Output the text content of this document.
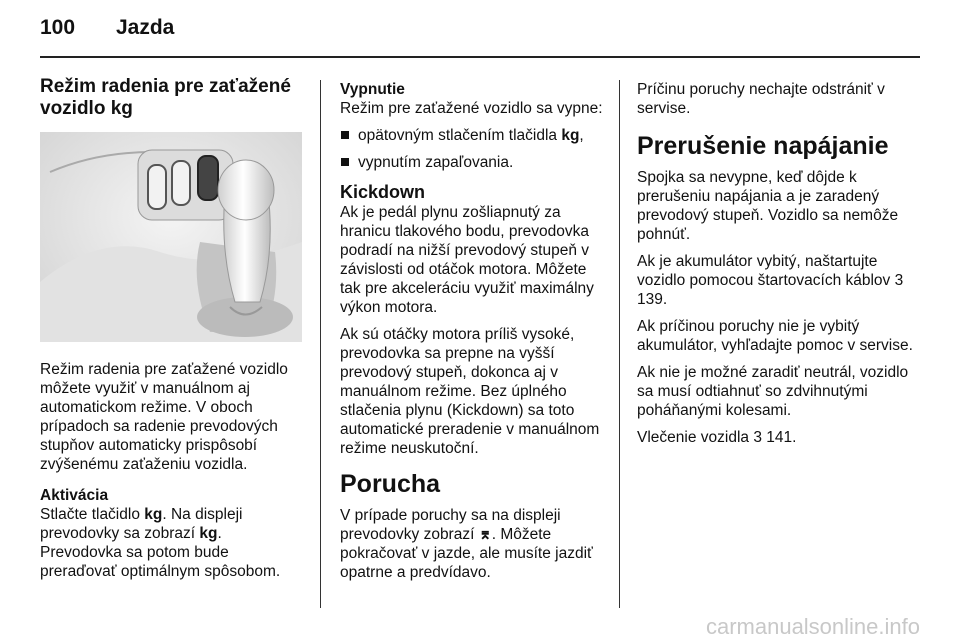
100 Jazda
Režim radenia pre zaťažené vozidlo kg

Režim radenia pre zaťažené vozidlo môžete využiť v manuálnom aj automatickom režime. V oboch prípadoch sa radenie prevodových stupňov automaticky prispôsobí zvýšenému zaťaženiu vozidla.

Aktivácia
Stlačte tlačidlo kg. Na displeji prevodovky sa zobrazí kg. Prevodovka sa potom bude preraďovať optimálnym spôsobom.

Vypnutie

Režim pre zaťažené vozidlo sa vypne:

opätovným stlačením tlačidla kg,
vypnutím zapaľovania.
Kickdown

Ak je pedál plynu zošliapnutý za hranicu tlakového bodu, prevodovka podradí na nižší prevodový stupeň v závislosti od otáčok motora. Môžete tak pre akceleráciu využiť maximálny výkon motora.

Ak sú otáčky motora príliš vysoké, prevodovka sa prepne na vyšší prevodový stupeň, dokonca aj v manuálnom režime. Bez úplného stlačenia plynu (Kickdown) sa toto automatické preradenie v manuálnom režime neuskutoční.

Porucha

V prípade poruchy sa na displeji prevodovky zobrazí ⌆. Môžete pokračovať v jazde, ale musíte jazdiť opatrne a predvídavo.

Príčinu poruchy nechajte odstrániť v servise.

Prerušenie napájanie

Spojka sa nevypne, keď dôjde k prerušeniu napájania a je zaradený prevodový stupeň. Vozidlo sa nemôže pohnúť.

Ak je akumulátor vybitý, naštartujte vozidlo pomocou štartovacích káblov 3 139.

Ak príčinou poruchy nie je vybitý akumulátor, vyhľadajte pomoc v servise.

Ak nie je možné zaradiť neutrál, vozidlo sa musí odtiahnuť so zdvihnutými poháňanými kolesami.

Vlečenie vozidla 3 141.

carmanualsonline.info
